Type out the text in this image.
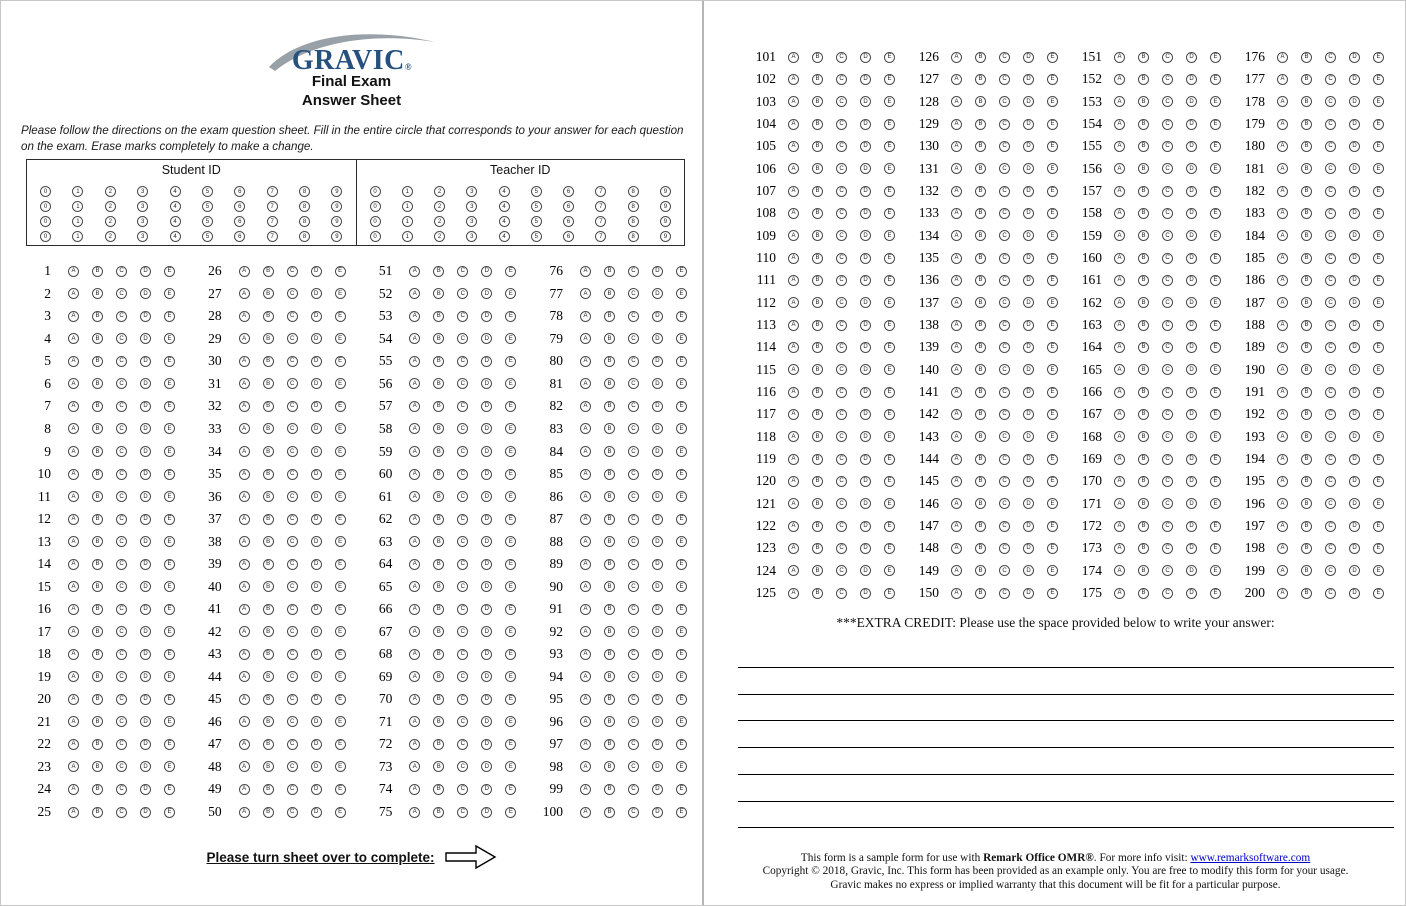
GRAVIC®
Final Exam
Answer Sheet
Please follow the directions on the exam question sheet. Fill in the entire circle that corresponds to your answer for each question on the exam. Erase marks completely to make a change.
Student ID
0	1	2	3	4	5	6	7	8	9
0	1	2	3	4	5	6	7	8	9
0	1	2	3	4	5	6	7	8	9
0	1	2	3	4	5	6	7	8	9
Teacher ID
0	1	2	3	4	5	6	7	8	9
0	1	2	3	4	5	6	7	8	9
0	1	2	3	4	5	6	7	8	9
0	1	2	3	4	5	6	7	8	9
1	A	B	C	D	E
2	A	B	C	D	E
3	A	B	C	D	E
4	A	B	C	D	E
5	A	B	C	D	E
6	A	B	C	D	E
7	A	B	C	D	E
8	A	B	C	D	E
9	A	B	C	D	E
10	A	B	C	D	E
11	A	B	C	D	E
12	A	B	C	D	E
13	A	B	C	D	E
14	A	B	C	D	E
15	A	B	C	D	E
16	A	B	C	D	E
17	A	B	C	D	E
18	A	B	C	D	E
19	A	B	C	D	E
20	A	B	C	D	E
21	A	B	C	D	E
22	A	B	C	D	E
23	A	B	C	D	E
24	A	B	C	D	E
25	A	B	C	D	E
26	A	B	C	D	E
27	A	B	C	D	E
28	A	B	C	D	E
29	A	B	C	D	E
30	A	B	C	D	E
31	A	B	C	D	E
32	A	B	C	D	E
33	A	B	C	D	E
34	A	B	C	D	E
35	A	B	C	D	E
36	A	B	C	D	E
37	A	B	C	D	E
38	A	B	C	D	E
39	A	B	C	D	E
40	A	B	C	D	E
41	A	B	C	D	E
42	A	B	C	D	E
43	A	B	C	D	E
44	A	B	C	D	E
45	A	B	C	D	E
46	A	B	C	D	E
47	A	B	C	D	E
48	A	B	C	D	E
49	A	B	C	D	E
50	A	B	C	D	E
51	A	B	C	D	E
52	A	B	C	D	E
53	A	B	C	D	E
54	A	B	C	D	E
55	A	B	C	D	E
56	A	B	C	D	E
57	A	B	C	D	E
58	A	B	C	D	E
59	A	B	C	D	E
60	A	B	C	D	E
61	A	B	C	D	E
62	A	B	C	D	E
63	A	B	C	D	E
64	A	B	C	D	E
65	A	B	C	D	E
66	A	B	C	D	E
67	A	B	C	D	E
68	A	B	C	D	E
69	A	B	C	D	E
70	A	B	C	D	E
71	A	B	C	D	E
72	A	B	C	D	E
73	A	B	C	D	E
74	A	B	C	D	E
75	A	B	C	D	E
76	A	B	C	D	E
77	A	B	C	D	E
78	A	B	C	D	E
79	A	B	C	D	E
80	A	B	C	D	E
81	A	B	C	D	E
82	A	B	C	D	E
83	A	B	C	D	E
84	A	B	C	D	E
85	A	B	C	D	E
86	A	B	C	D	E
87	A	B	C	D	E
88	A	B	C	D	E
89	A	B	C	D	E
90	A	B	C	D	E
91	A	B	C	D	E
92	A	B	C	D	E
93	A	B	C	D	E
94	A	B	C	D	E
95	A	B	C	D	E
96	A	B	C	D	E
97	A	B	C	D	E
98	A	B	C	D	E
99	A	B	C	D	E
100	A	B	C	D	E
Please turn sheet over to complete:
101	A	B	C	D	E
102	A	B	C	D	E
103	A	B	C	D	E
104	A	B	C	D	E
105	A	B	C	D	E
106	A	B	C	D	E
107	A	B	C	D	E
108	A	B	C	D	E
109	A	B	C	D	E
110	A	B	C	D	E
111	A	B	C	D	E
112	A	B	C	D	E
113	A	B	C	D	E
114	A	B	C	D	E
115	A	B	C	D	E
116	A	B	C	D	E
117	A	B	C	D	E
118	A	B	C	D	E
119	A	B	C	D	E
120	A	B	C	D	E
121	A	B	C	D	E
122	A	B	C	D	E
123	A	B	C	D	E
124	A	B	C	D	E
125	A	B	C	D	E
126	A	B	C	D	E
127	A	B	C	D	E
128	A	B	C	D	E
129	A	B	C	D	E
130	A	B	C	D	E
131	A	B	C	D	E
132	A	B	C	D	E
133	A	B	C	D	E
134	A	B	C	D	E
135	A	B	C	D	E
136	A	B	C	D	E
137	A	B	C	D	E
138	A	B	C	D	E
139	A	B	C	D	E
140	A	B	C	D	E
141	A	B	C	D	E
142	A	B	C	D	E
143	A	B	C	D	E
144	A	B	C	D	E
145	A	B	C	D	E
146	A	B	C	D	E
147	A	B	C	D	E
148	A	B	C	D	E
149	A	B	C	D	E
150	A	B	C	D	E
151	A	B	C	D	E
152	A	B	C	D	E
153	A	B	C	D	E
154	A	B	C	D	E
155	A	B	C	D	E
156	A	B	C	D	E
157	A	B	C	D	E
158	A	B	C	D	E
159	A	B	C	D	E
160	A	B	C	D	E
161	A	B	C	D	E
162	A	B	C	D	E
163	A	B	C	D	E
164	A	B	C	D	E
165	A	B	C	D	E
166	A	B	C	D	E
167	A	B	C	D	E
168	A	B	C	D	E
169	A	B	C	D	E
170	A	B	C	D	E
171	A	B	C	D	E
172	A	B	C	D	E
173	A	B	C	D	E
174	A	B	C	D	E
175	A	B	C	D	E
176	A	B	C	D	E
177	A	B	C	D	E
178	A	B	C	D	E
179	A	B	C	D	E
180	A	B	C	D	E
181	A	B	C	D	E
182	A	B	C	D	E
183	A	B	C	D	E
184	A	B	C	D	E
185	A	B	C	D	E
186	A	B	C	D	E
187	A	B	C	D	E
188	A	B	C	D	E
189	A	B	C	D	E
190	A	B	C	D	E
191	A	B	C	D	E
192	A	B	C	D	E
193	A	B	C	D	E
194	A	B	C	D	E
195	A	B	C	D	E
196	A	B	C	D	E
197	A	B	C	D	E
198	A	B	C	D	E
199	A	B	C	D	E
200	A	B	C	D	E
***EXTRA CREDIT: Please use the space provided below to write your answer:
This form is a sample form for use with Remark Office OMR®. For more info visit: www.remarksoftware.com
Copyright © 2018, Gravic, Inc. This form has been provided as an example only. You are free to modify this form for your usage.
Gravic makes no express or implied warranty that this document will be fit for a particular purpose.
